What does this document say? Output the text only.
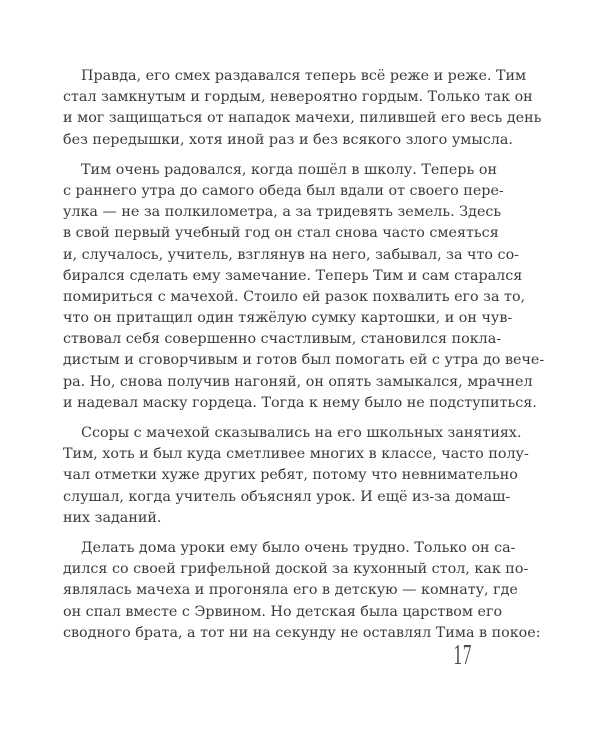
Правда, его смех раздавался теперь всё реже и реже. Тим
стал замкнутым и гордым, невероятно гордым. Только так он
и мог защищаться от нападок мачехи, пилившей его весь день
без передышки, хотя иной раз и без всякого злого умысла.
Тим очень радовался, когда пошёл в школу. Теперь он
с раннего утра до самого обеда был вдали от своего пере-
улка — не за полкилометра, а за тридевять земель. Здесь
в свой первый учебный год он стал снова часто смеяться
и, случалось, учитель, взглянув на него, забывал, за что со-
бирался сделать ему замечание. Теперь Тим и сам старался
помириться с мачехой. Стоило ей разок похвалить его за то,
что он притащил один тяжёлую сумку картошки, и он чув-
ствовал себя совершенно счастливым, становился покла-
дистым и сговорчивым и готов был помогать ей с утра до вече-
ра. Но, снова получив нагоняй, он опять замыкался, мрачнел
и надевал маску гордеца. Тогда к нему было не подступиться.
Ссоры с мачехой сказывались на его школьных занятиях.
Тим, хоть и был куда сметливее многих в классе, часто полу-
чал отметки хуже других ребят, потому что невнимательно
слушал, когда учитель объяснял урок. И ещё из-за домаш-
них заданий.
Делать дома уроки ему было очень трудно. Только он са-
дился со своей грифельной доской за кухонный стол, как по-
являлась мачеха и прогоняла его в детскую — комнату, где
он спал вместе с Эрвином. Но детская была царством его
сводного брата, а тот ни на секунду не оставлял Тима в покое:
17
